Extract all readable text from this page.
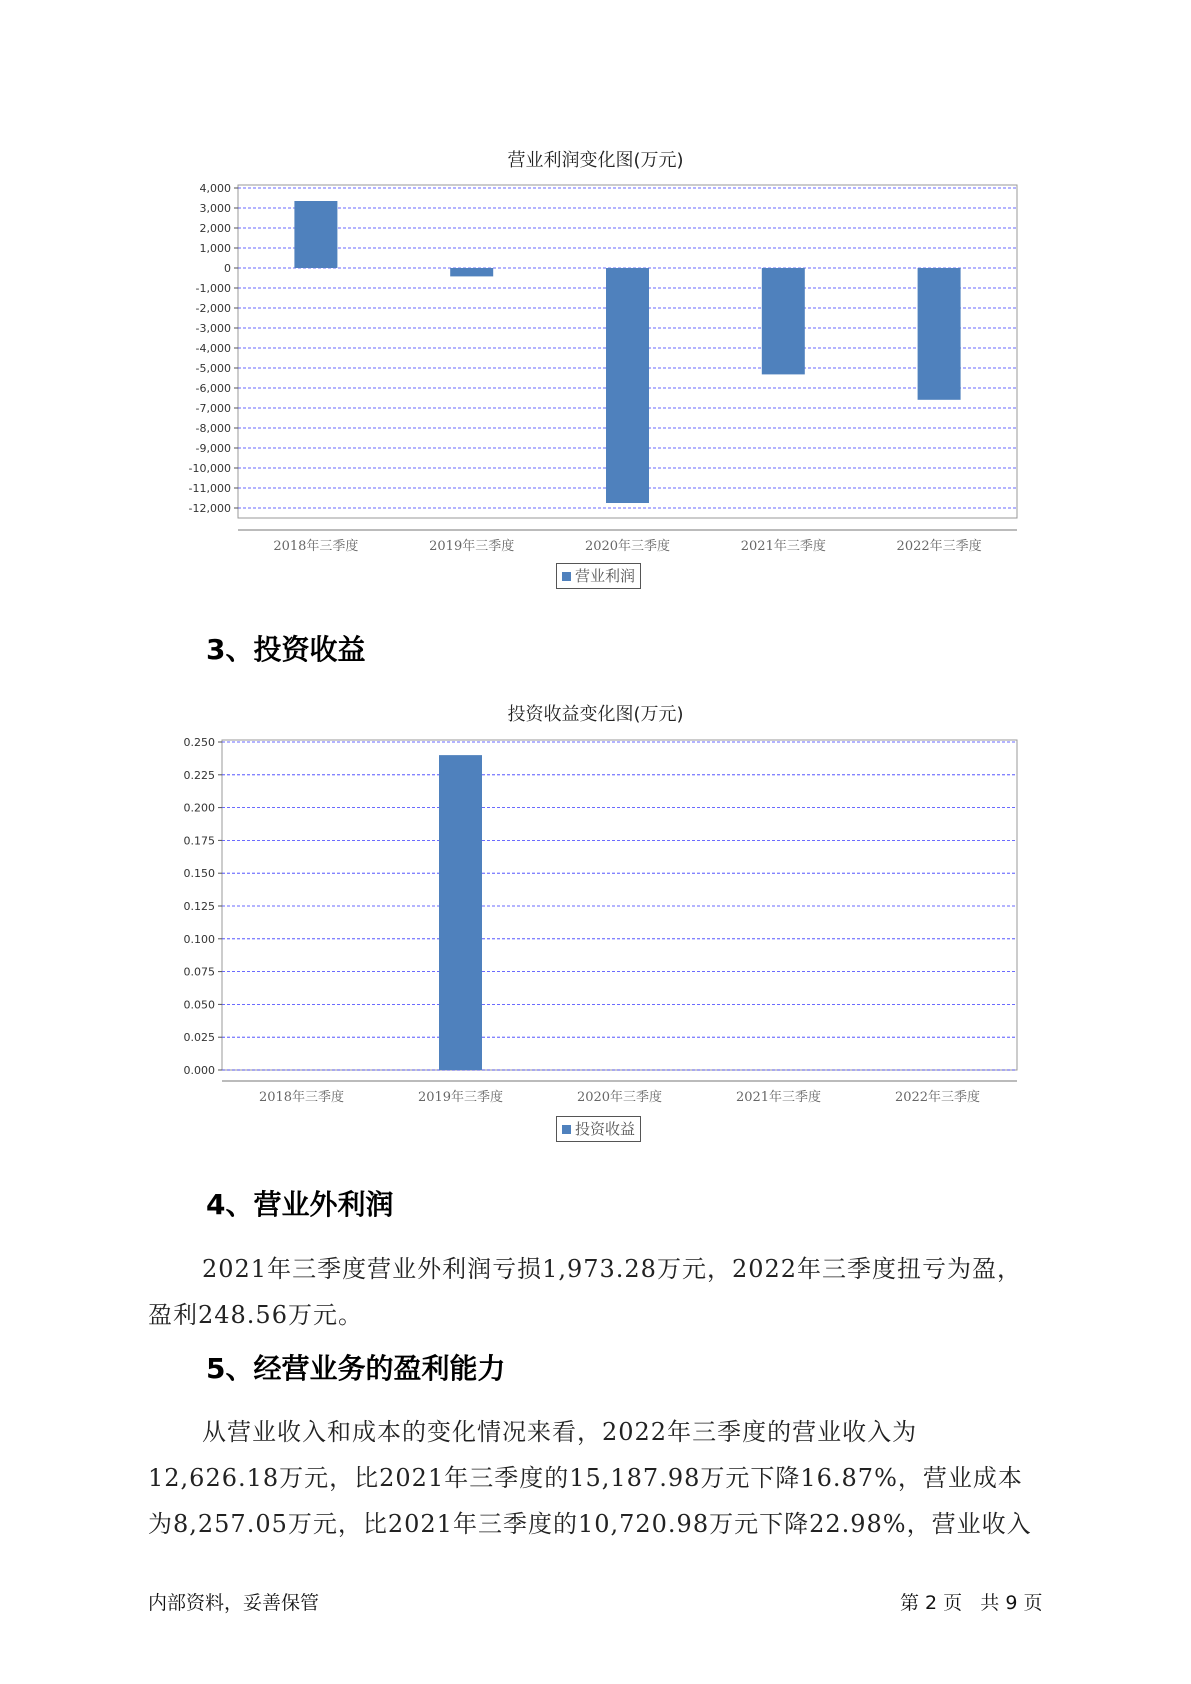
营业利润变化图(万元)
4,000
3,000
2,000
1,000
0
-1,000
-2,000
-3,000
-4,000
-5,000
-6,000
-7,000
-8,000
-9,000
-10,000
-11,000
-12,000
2018年三季度	2019年三季度	2020年三季度	2021年三季度	2022年三季度
营业利润
3、投资收益
投资收益变化图(万元)
0.250
0.225
0.200
0.175
0.150
0.125
0.100
0.075
0.050
0.025
0.000
2018年三季度	2019年三季度	2020年三季度	2021年三季度	2022年三季度
投资收益
4、营业外利润
2021年三季度营业外利润亏损1,973.28万元，2022年三季度扭亏为盈，
盈利248.56万元。
5、经营业务的盈利能力
从营业收入和成本的变化情况来看，2022年三季度的营业收入为
12,626.18万元，比2021年三季度的15,187.98万元下降16.87%，营业成本
为8,257.05万元，比2021年三季度的10,720.98万元下降22.98%，营业收入
内部资料，妥善保管	第 2 页   共 9 页
